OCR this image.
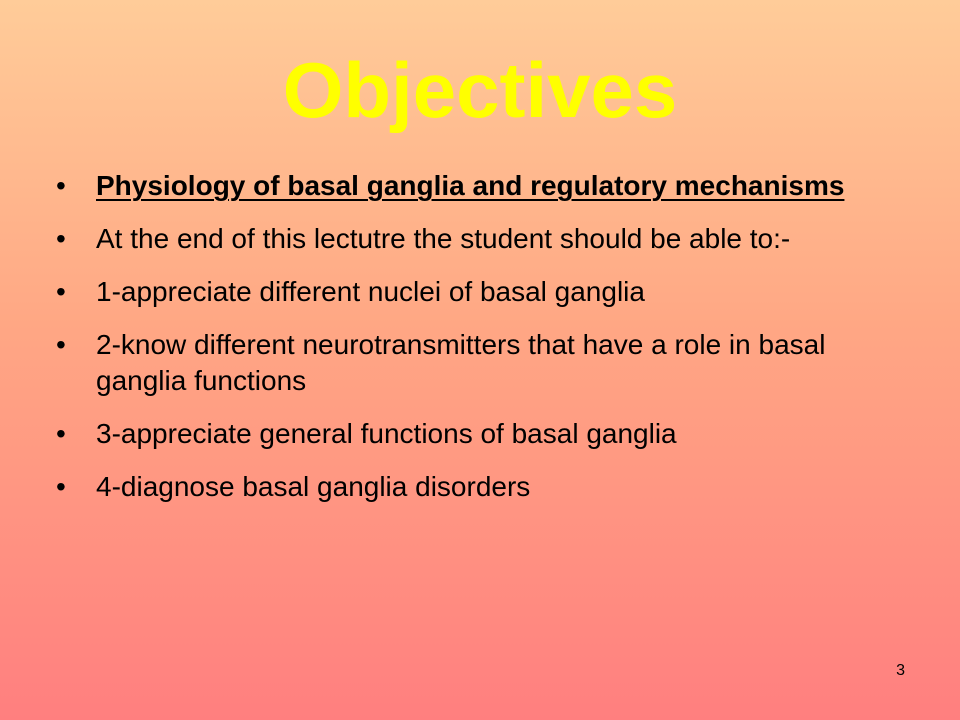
Objectives
•	Physiology of basal ganglia and regulatory mechanisms
•	At the end of this lectutre the student should be able to:-
•	1-appreciate different nuclei of basal ganglia
•	2-know different neurotransmitters that have a role in basal ganglia functions
•	3-appreciate general functions of basal ganglia
•	4-diagnose basal ganglia disorders
3
